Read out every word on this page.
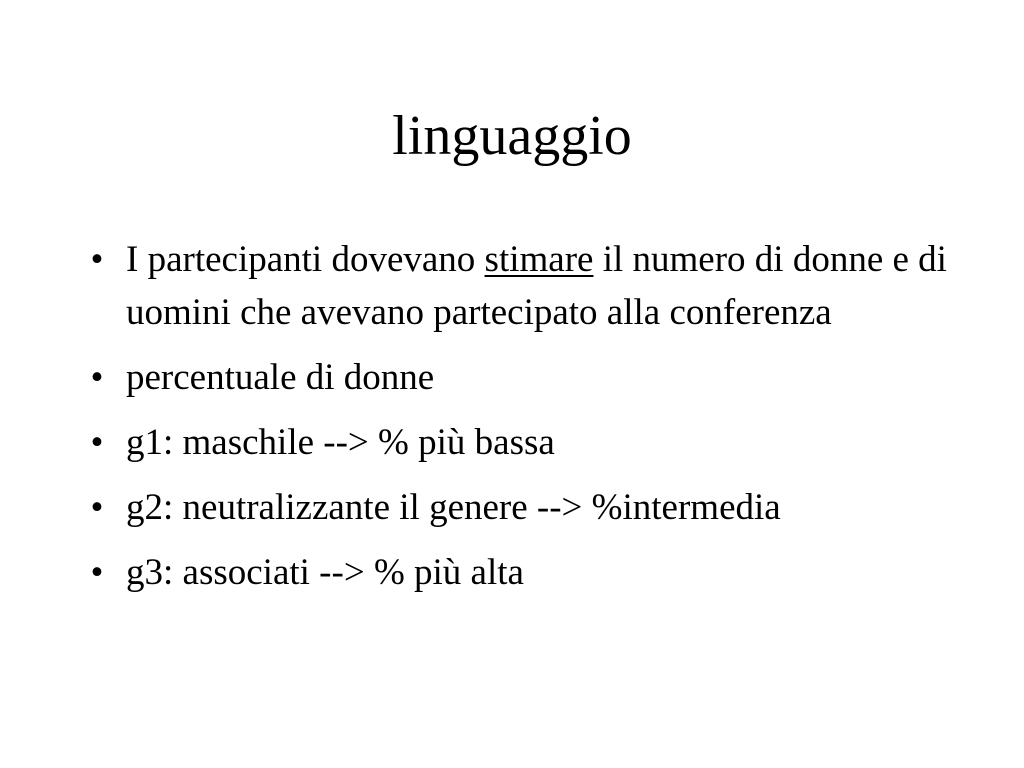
linguaggio
• I partecipanti dovevano stimare il numero di donne e di uomini che avevano partecipato alla conferenza
• percentuale di donne
• g1: maschile --> % più bassa
• g2: neutralizzante il genere --> %intermedia
• g3: associati --> % più alta
